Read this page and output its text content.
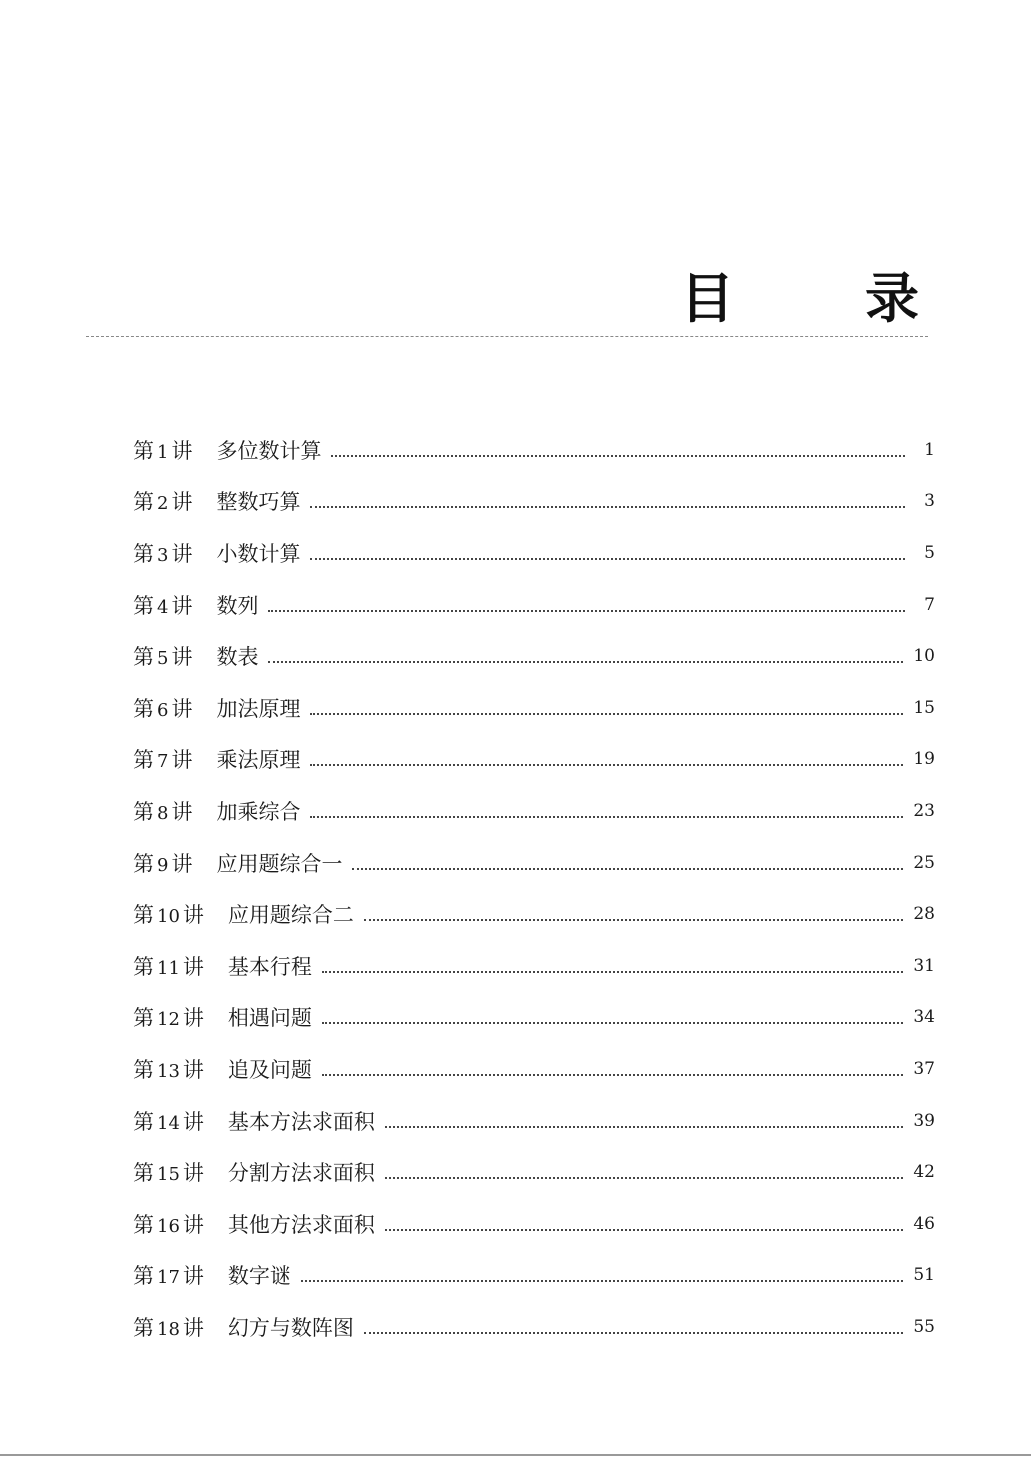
目 录
第 1 讲 多位数计算	1
第 2 讲 整数巧算	3
第 3 讲 小数计算	5
第 4 讲 数列	7
第 5 讲 数表	10
第 6 讲 加法原理	15
第 7 讲 乘法原理	19
第 8 讲 加乘综合	23
第 9 讲 应用题综合一	25
第 10 讲 应用题综合二	28
第 11 讲 基本行程	31
第 12 讲 相遇问题	34
第 13 讲 追及问题	37
第 14 讲 基本方法求面积	39
第 15 讲 分割方法求面积	42
第 16 讲 其他方法求面积	46
第 17 讲 数字谜	51
第 18 讲 幻方与数阵图	55
